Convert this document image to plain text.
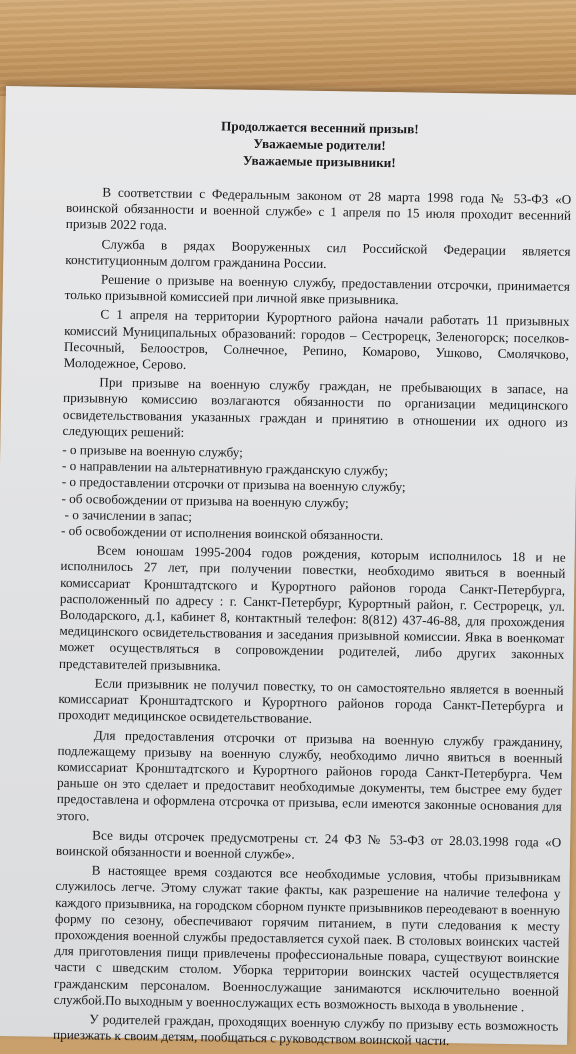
Продолжается весенний призыв!
Уважаемые родители!
Уважаемые призывники!

В соответствии с Федеральным законом от 28 марта 1998 года № 53-ФЗ «О воинской обязанности и военной службе» с 1 апреля по 15 июля проходит весенний призыв 2022 года.

Служба в рядах Вооруженных сил Российской Федерации является конституционным долгом гражданина России.

Решение о призыве на военную службу, предоставлении отсрочки, принимается только призывной комиссией при личной явке призывника.

С 1 апреля на территории Курортного района начали работать 11 призывных комиссий Муниципальных образований: городов – Сестрорецк, Зеленогорск; поселков-Песочный, Белоостров, Солнечное, Репино, Комарово, Ушково, Смолячково, Молодежное, Серово.

При призыве на военную службу граждан, не пребывающих в запасе, на призывную комиссию возлагаются обязанности по организации медицинского освидетельствования указанных граждан и принятию в отношении их одного из следующих решений:

- о призыве на военную службу;
- о направлении на альтернативную гражданскую службу;
- о предоставлении отсрочки от призыва на военную службу;
- об освобождении от призыва на военную службу;
- о зачислении в запас;
- об освобождении от исполнения воинской обязанности.

Всем юношам 1995-2004 годов рождения, которым исполнилось 18 и не исполнилось 27 лет, при получении повестки, необходимо явиться в военный комиссариат Кронштадтского и Курортного районов города Санкт-Петербурга, расположенный по адресу : г. Санкт-Петербург, Курортный район, г. Сестрорецк, ул. Володарского, д.1, кабинет 8, контактный телефон: 8(812) 437-46-88, для прохождения медицинского освидетельствования и заседания призывной комиссии. Явка в военкомат может осуществляться в сопровождении родителей, либо других законных представителей призывника.

Если призывник не получил повестку, то он самостоятельно является в военный комиссариат Кронштадтского и Курортного районов города Санкт-Петербурга и проходит медицинское освидетельствование.

Для предоставления отсрочки от призыва на военную службу гражданину, подлежащему призыву на военную службу, необходимо лично явиться в военный комиссариат Кронштадтского и Курортного районов города Санкт-Петербурга. Чем раньше он это сделает и предоставит необходимые документы, тем быстрее ему будет предоставлена и оформлена отсрочка от призыва, если имеются законные основания для этого.

Все виды отсрочек предусмотрены ст. 24 ФЗ № 53-ФЗ от 28.03.1998 года «О воинской обязанности и военной службе».

В настоящее время создаются все необходимые условия, чтобы призывникам служилось легче. Этому служат такие факты, как разрешение на наличие телефона у каждого призывника, на городском сборном пункте призывников переодевают в военную форму по сезону, обеспечивают горячим питанием, в пути следования к месту прохождения военной службы предоставляется сухой паек. В столовых воинских частей для приготовления пищи привлечены профессиональные повара, существуют воинские части с шведским столом. Уборка территории воинских частей осуществляется гражданским персоналом. Военнослужащие занимаются исключительно военной службой.По выходным у военнослужащих есть возможность выхода в увольнение .

У родителей граждан, проходящих военную службу по призыву есть возможность приезжать к своим детям, пообщаться с руководством воинской части.
